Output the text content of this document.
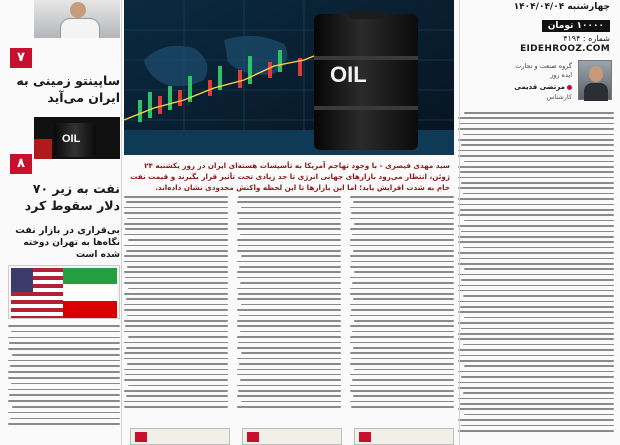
چهارشنبه ۱۴۰۴/۰۴/۰۴
۱۰۰۰۰ تومان
شماره : ۴۱۹۴
EIDEHROOZ.COM
گروه صنعت و تجارت
ایده روز
مرتضی قدیمی
کارشناس
OIL
سید مهدی قیصری - با وجود تهاجم آمریکا به تأسیسات هسته‌ای ایران در روز یکشنبه ۲۴ ژوئن، انتظار می‌رود بازارهای جهانی انرژی تا حد زیادی تحت تأثیر قرار بگیرند و قیمت نفت خام به شدت افزایش یابد؛ اما این بازارها تا این لحظه واکنش محدودی نشان داده‌اند.
۷
ساپینتو زمینی به ایران می‌آید
OIL
۸
نفت به زیر ۷۰ دلار سقوط کرد
بی‌قراری در بازار نفت
نگاه‌ها به تهران دوخته شده است
